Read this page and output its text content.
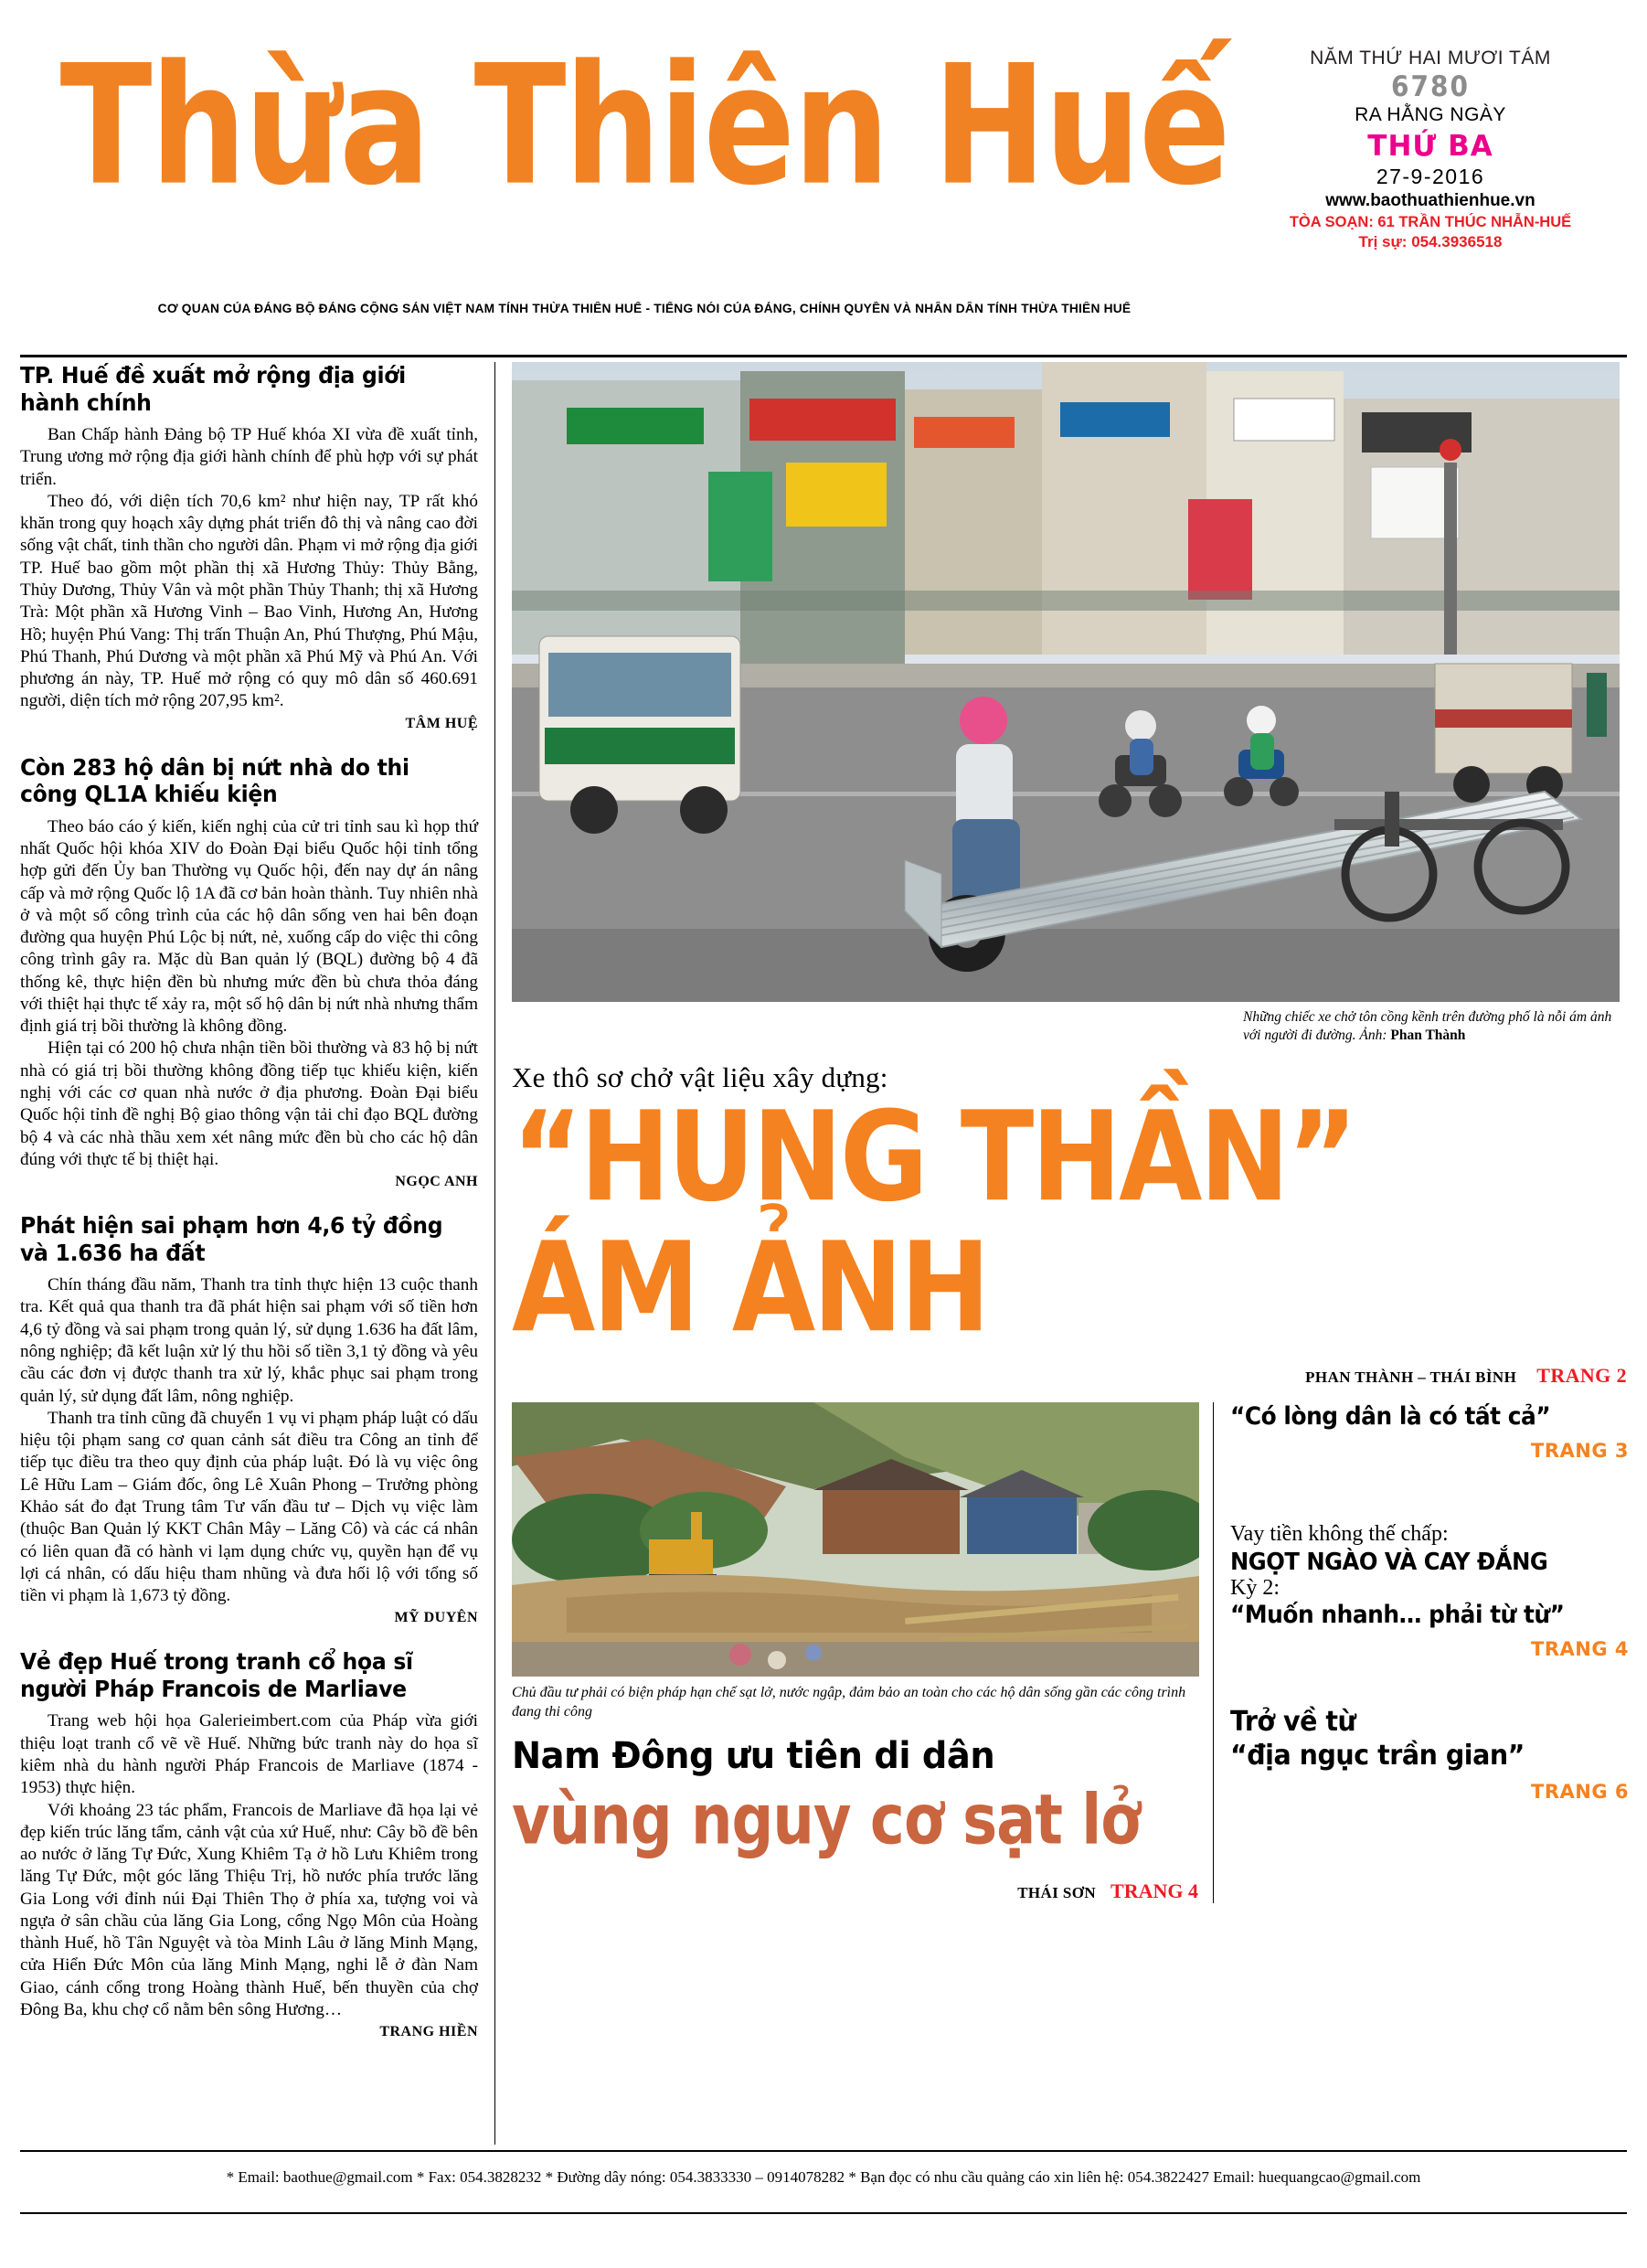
Thừa Thiên Huế	NĂM THỨ HAI MƯƠI TÁM
6780
RA HẰNG NGÀY
THỨ BA
27-9-2016
www.baothuathienhue.vn
TÒA SOẠN: 61 TRẦN THÚC NHẪN-HUẾ
Trị sự: 054.3936518
CƠ QUAN CỦA ĐẢNG BỘ ĐẢNG CỘNG SẢN VIỆT NAM TỈNH THỪA THIÊN HUẾ - TIẾNG NÓI CỦA ĐẢNG, CHÍNH QUYỀN VÀ NHÂN DÂN TỈNH THỪA THIÊN HUẾ
TP. Huế đề xuất mở rộng địa giới hành chính

Ban Chấp hành Đảng bộ TP Huế khóa XI vừa đề xuất tỉnh, Trung ương mở rộng địa giới hành chính để phù hợp với sự phát triển.

Theo đó, với diện tích 70,6 km² như hiện nay, TP rất khó khăn trong quy hoạch xây dựng phát triển đô thị và nâng cao đời sống vật chất, tinh thần cho người dân. Phạm vi mở rộng địa giới TP. Huế bao gồm một phần thị xã Hương Thủy: Thủy Bằng, Thủy Dương, Thủy Vân và một phần Thủy Thanh; thị xã Hương Trà: Một phần xã Hương Vinh – Bao Vinh, Hương An, Hương Hồ; huyện Phú Vang: Thị trấn Thuận An, Phú Thượng, Phú Mậu, Phú Thanh, Phú Dương và một phần xã Phú Mỹ và Phú An. Với phương án này, TP. Huế mở rộng có quy mô dân số 460.691 người, diện tích mở rộng 207,95 km².

TÂM HUỆ

Còn 283 hộ dân bị nứt nhà do thi công QL1A khiếu kiện

Theo báo cáo ý kiến, kiến nghị của cử tri tỉnh sau kì họp thứ nhất Quốc hội khóa XIV do Đoàn Đại biểu Quốc hội tỉnh tổng hợp gửi đến Ủy ban Thường vụ Quốc hội, đến nay dự án nâng cấp và mở rộng Quốc lộ 1A đã cơ bản hoàn thành. Tuy nhiên nhà ở và một số công trình của các hộ dân sống ven hai bên đoạn đường qua huyện Phú Lộc bị nứt, nẻ, xuống cấp do việc thi công công trình gây ra. Mặc dù Ban quản lý (BQL) đường bộ 4 đã thống kê, thực hiện đền bù nhưng mức đền bù chưa thỏa đáng với thiệt hại thực tế xảy ra, một số hộ dân bị nứt nhà nhưng thẩm định giá trị bồi thường là không đồng.

Hiện tại có 200 hộ chưa nhận tiền bồi thường và 83 hộ bị nứt nhà có giá trị bồi thường không đồng tiếp tục khiếu kiện, kiến nghị với các cơ quan nhà nước ở địa phương. Đoàn Đại biểu Quốc hội tỉnh đề nghị Bộ giao thông vận tải chỉ đạo BQL đường bộ 4 và các nhà thầu xem xét nâng mức đền bù cho các hộ dân đúng với thực tế bị thiệt hại.

NGỌC ANH

Phát hiện sai phạm hơn 4,6 tỷ đồng và 1.636 ha đất

Chín tháng đầu năm, Thanh tra tỉnh thực hiện 13 cuộc thanh tra. Kết quả qua thanh tra đã phát hiện sai phạm với số tiền hơn 4,6 tỷ đồng và sai phạm trong quản lý, sử dụng 1.636 ha đất lâm, nông nghiệp; đã kết luận xử lý thu hồi số tiền 3,1 tỷ đồng và yêu cầu các đơn vị được thanh tra xử lý, khắc phục sai phạm trong quản lý, sử dụng đất lâm, nông nghiệp.

Thanh tra tỉnh cũng đã chuyển 1 vụ vi phạm pháp luật có dấu hiệu tội phạm sang cơ quan cảnh sát điều tra Công an tỉnh để tiếp tục điều tra theo quy định của pháp luật. Đó là vụ việc ông Lê Hữu Lam – Giám đốc, ông Lê Xuân Phong – Trưởng phòng Khảo sát đo đạt Trung tâm Tư vấn đầu tư – Dịch vụ việc làm (thuộc Ban Quản lý KKT Chân Mây – Lăng Cô) và các cá nhân có liên quan đã có hành vi lạm dụng chức vụ, quyền hạn để vụ lợi cá nhân, có dấu hiệu tham nhũng và đưa hối lộ với tổng số tiền vi phạm là 1,673 tỷ đồng.

MỸ DUYÊN

Vẻ đẹp Huế trong tranh cổ họa sĩ người Pháp Francois de Marliave

Trang web hội họa Galerieimbert.com của Pháp vừa giới thiệu loạt tranh cổ vẽ về Huế. Những bức tranh này do họa sĩ kiêm nhà du hành người Pháp Francois de Marliave (1874 - 1953) thực hiện.

Với khoảng 23 tác phẩm, Francois de Marliave đã họa lại vẻ đẹp kiến trúc lăng tẩm, cảnh vật của xứ Huế, như: Cây bồ đề bên ao nước ở lăng Tự Đức, Xung Khiêm Tạ ở hồ Lưu Khiêm trong lăng Tự Đức, một góc lăng Thiệu Trị, hồ nước phía trước lăng Gia Long với đỉnh núi Đại Thiên Thọ ở phía xa, tượng voi và ngựa ở sân chầu của lăng Gia Long, cổng Ngọ Môn của Hoàng thành Huế, hồ Tân Nguyệt và tòa Minh Lâu ở lăng Minh Mạng, cửa Hiển Đức Môn của lăng Minh Mạng, nghi lễ ở đàn Nam Giao, cánh cổng trong Hoàng thành Huế, bến thuyền của chợ Đông Ba, khu chợ cổ nằm bên sông Hương…

TRANG HIỀN

Những chiếc xe chở tôn cồng kềnh trên đường phố là nỗi ám ảnh với người đi đường. Ảnh: Phan Thành
Xe thô sơ chở vật liệu xây dựng:
“HUNG THẦN”
ÁM ẢNH
PHAN THÀNH – THÁI BÌNH TRANG 2
Chủ đầu tư phải có biện pháp hạn chế sạt lở, nước ngập, đảm bảo an toàn cho các hộ dân sống gần các công trình đang thi công
Nam Đông ưu tiên di dân
vùng nguy cơ sạt lở
THÁI SƠN TRANG 4
“Có lòng dân là có tất cả”
TRANG 3
Vay tiền không thế chấp:
NGỌT NGÀO VÀ CAY ĐẮNG
Kỳ 2:
“Muốn nhanh… phải từ từ”
TRANG 4
Trở về từ
“địa ngục trần gian”
TRANG 6
* Email: baothue@gmail.com * Fax: 054.3828232 * Đường dây nóng: 054.3833330 – 0914078282 * Bạn đọc có nhu cầu quảng cáo xin liên hệ: 054.3822427 Email: huequangcao@gmail.com
